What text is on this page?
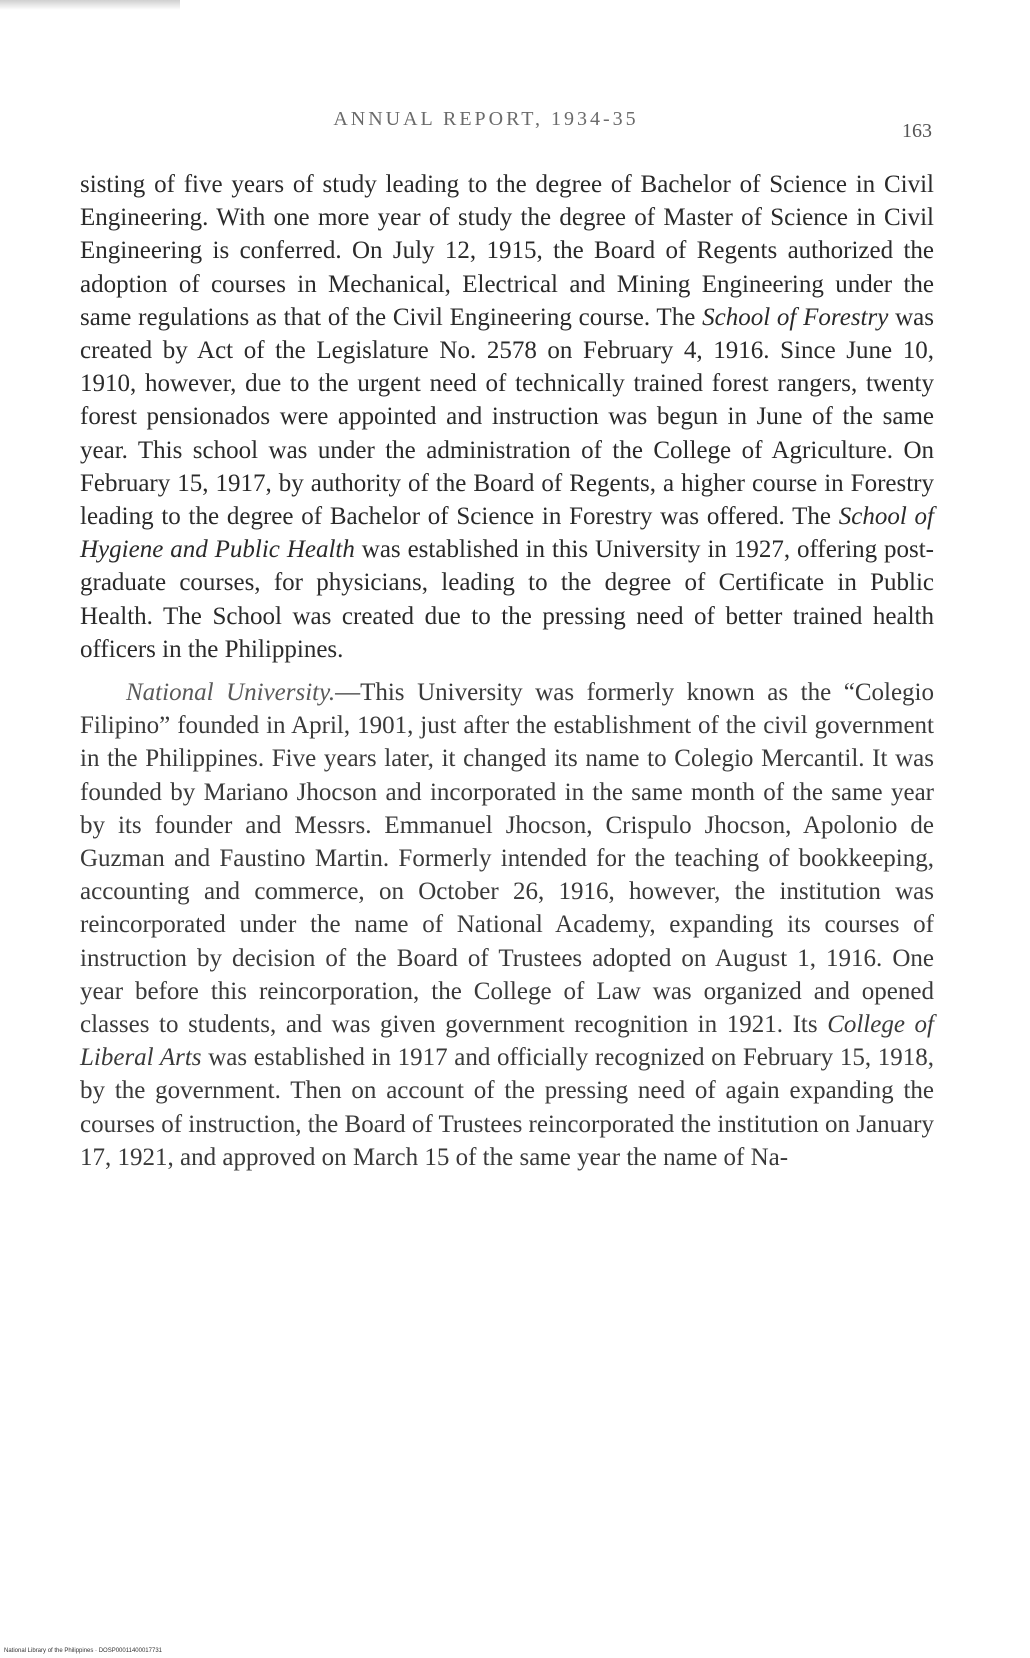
ANNUAL REPORT, 1934-35
163

sisting of five years of study leading to the degree of Bachelor of Science in Civil Engineering. With one more year of study the degree of Master of Science in Civil Engineering is conferred. On July 12, 1915, the Board of Regents authorized the adoption of courses in Mechanical, Electrical and Mining Engineering under the same regulations as that of the Civil Engineering course. The School of Forestry was created by Act of the Legislature No. 2578 on February 4, 1916. Since June 10, 1910, however, due to the urgent need of technically trained forest rangers, twenty forest pensionados were appointed and instruction was begun in June of the same year. This school was under the administration of the College of Agriculture. On February 15, 1917, by authority of the Board of Regents, a higher course in Forestry leading to the degree of Bachelor of Science in Forestry was offered. The School of Hygiene and Public Health was established in this University in 1927, offering post-graduate courses, for physicians, leading to the degree of Certificate in Public Health. The School was created due to the pressing need of better trained health officers in the Philippines.

National University.—This University was formerly known as the “Colegio Filipino” founded in April, 1901, just after the establishment of the civil government in the Philippines. Five years later, it changed its name to Colegio Mercantil. It was founded by Mariano Jhocson and incorporated in the same month of the same year by its founder and Messrs. Emmanuel Jhocson, Crispulo Jhocson, Apolonio de Guzman and Faustino Martin. Formerly intended for the teaching of bookkeeping, accounting and commerce, on October 26, 1916, however, the institution was reincorporated under the name of National Academy, expanding its courses of instruction by decision of the Board of Trustees adopted on August 1, 1916. One year before this reincorporation, the College of Law was organized and opened classes to students, and was given government recognition in 1921. Its College of Liberal Arts was established in 1917 and officially recognized on February 15, 1918, by the government. Then on account of the pressing need of again expanding the courses of instruction, the Board of Trustees reincorporated the institution on January 17, 1921, and approved on March 15 of the same year the name of Na-

National Library of the Philippines · DOSP00011400017731
